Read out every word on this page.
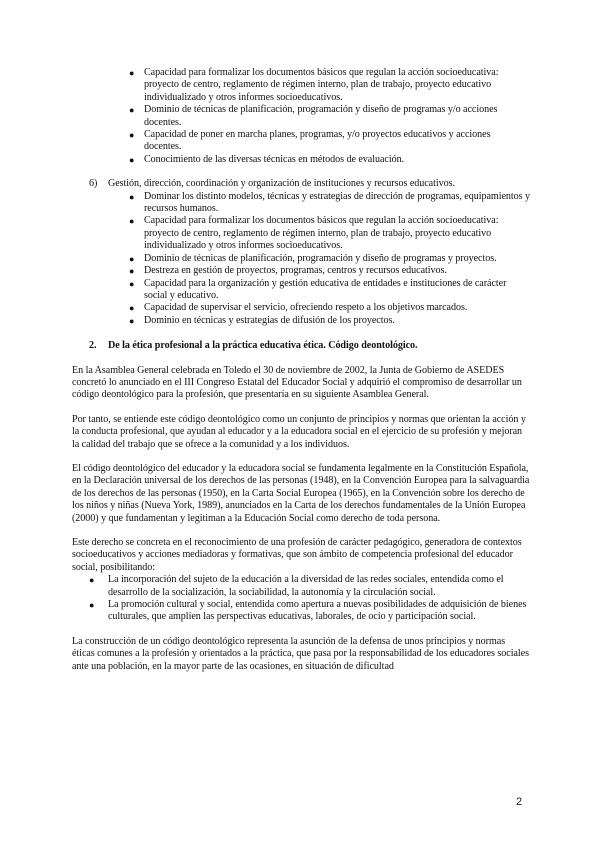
● Capacidad para formalizar los documentos básicos que regulan la acción socioeducativa: proyecto de centro, reglamento de régimen interno, plan de trabajo, proyecto educativo individualizado y otros informes socioeducativos.
● Dominio de técnicas de planificación, programación y diseño de programas y/o acciones docentes.
● Capacidad de poner en marcha planes, programas, y/o proyectos educativos y acciones docentes.
● Conocimiento de las diversas técnicas en métodos de evaluación.
6) Gestión, dirección, coordinación y organización de instituciones y recursos educativos.
● Dominar los distinto modelos, técnicas y estrategias de dirección de programas, equipamientos y recursos humanos.
● Capacidad para formalizar los documentos básicos que regulan la acción socioeducativa: proyecto de centro, reglamento de régimen interno, plan de trabajo, proyecto educativo individualizado y otros informes socioeducativos.
● Dominio de técnicas de planificación, programación y diseño de programas y proyectos.
● Destreza en gestión de proyectos, programas, centros y recursos educativos.
● Capacidad para la organización y gestión educativa de entidades e instituciones de carácter social y educativo.
● Capacidad de supervisar el servicio, ofreciendo respeto a los objetivos marcados.
● Dominio en técnicas y estrategias de difusión de los proyectos.
2. De la ética profesional a la práctica educativa ética. Código deontológico.

En la Asamblea General celebrada en Toledo el 30 de noviembre de 2002, la Junta de Gobierno de ASEDES concretó lo anunciado en el III Congreso Estatal del Educador Social y adquirió el compromiso de desarrollar un código deontológico para la profesión, que presentaría en su siguiente Asamblea General.

Por tanto, se entiende este código deontológico como un conjunto de principios y normas que orientan la acción y la conducta profesional, que ayudan al educador y a la educadora social en el ejercicio de su profesión y mejoran la calidad del trabajo que se ofrece a la comunidad y a los individuos.

El código deontológico del educador y la educadora social se fundamenta legalmente en la Constitución Española, en la Declaración universal de los derechos de las personas (1948), en la Convención Europea para la salvaguardia de los derechos de las personas (1950), en la Carta Social Europea (1965), en la Convención sobre los derecho de los niños y niñas (Nueva York, 1989), anunciados en la Carta de los derechos fundamentales de la Unión Europea (2000) y que fundamentan y legitiman a la Educación Social como derecho de toda persona.

Este derecho se concreta en el reconocimiento de una profesión de carácter pedagógico, generadora de contextos socioeducativos y acciones mediadoras y formativas, que son ámbito de competencia profesional del educador social, posibilitando:

● La incorporación del sujeto de la educación a la diversidad de las redes sociales, entendida como el desarrollo de la socialización, la sociabilidad, la autonomía y la circulación social.
● La promoción cultural y social, entendida como apertura a nuevas posibilidades de adquisición de bienes culturales, que amplíen las perspectivas educativas, laborales, de ocio y participación social.

La construcción de un código deontológico representa la asunción de la defensa de unos principios y normas éticas comunes a la profesión y orientados a la práctica, que pasa por la responsabilidad de los educadores sociales ante una población, en la mayor parte de las ocasiones, en situación de dificultad

2
